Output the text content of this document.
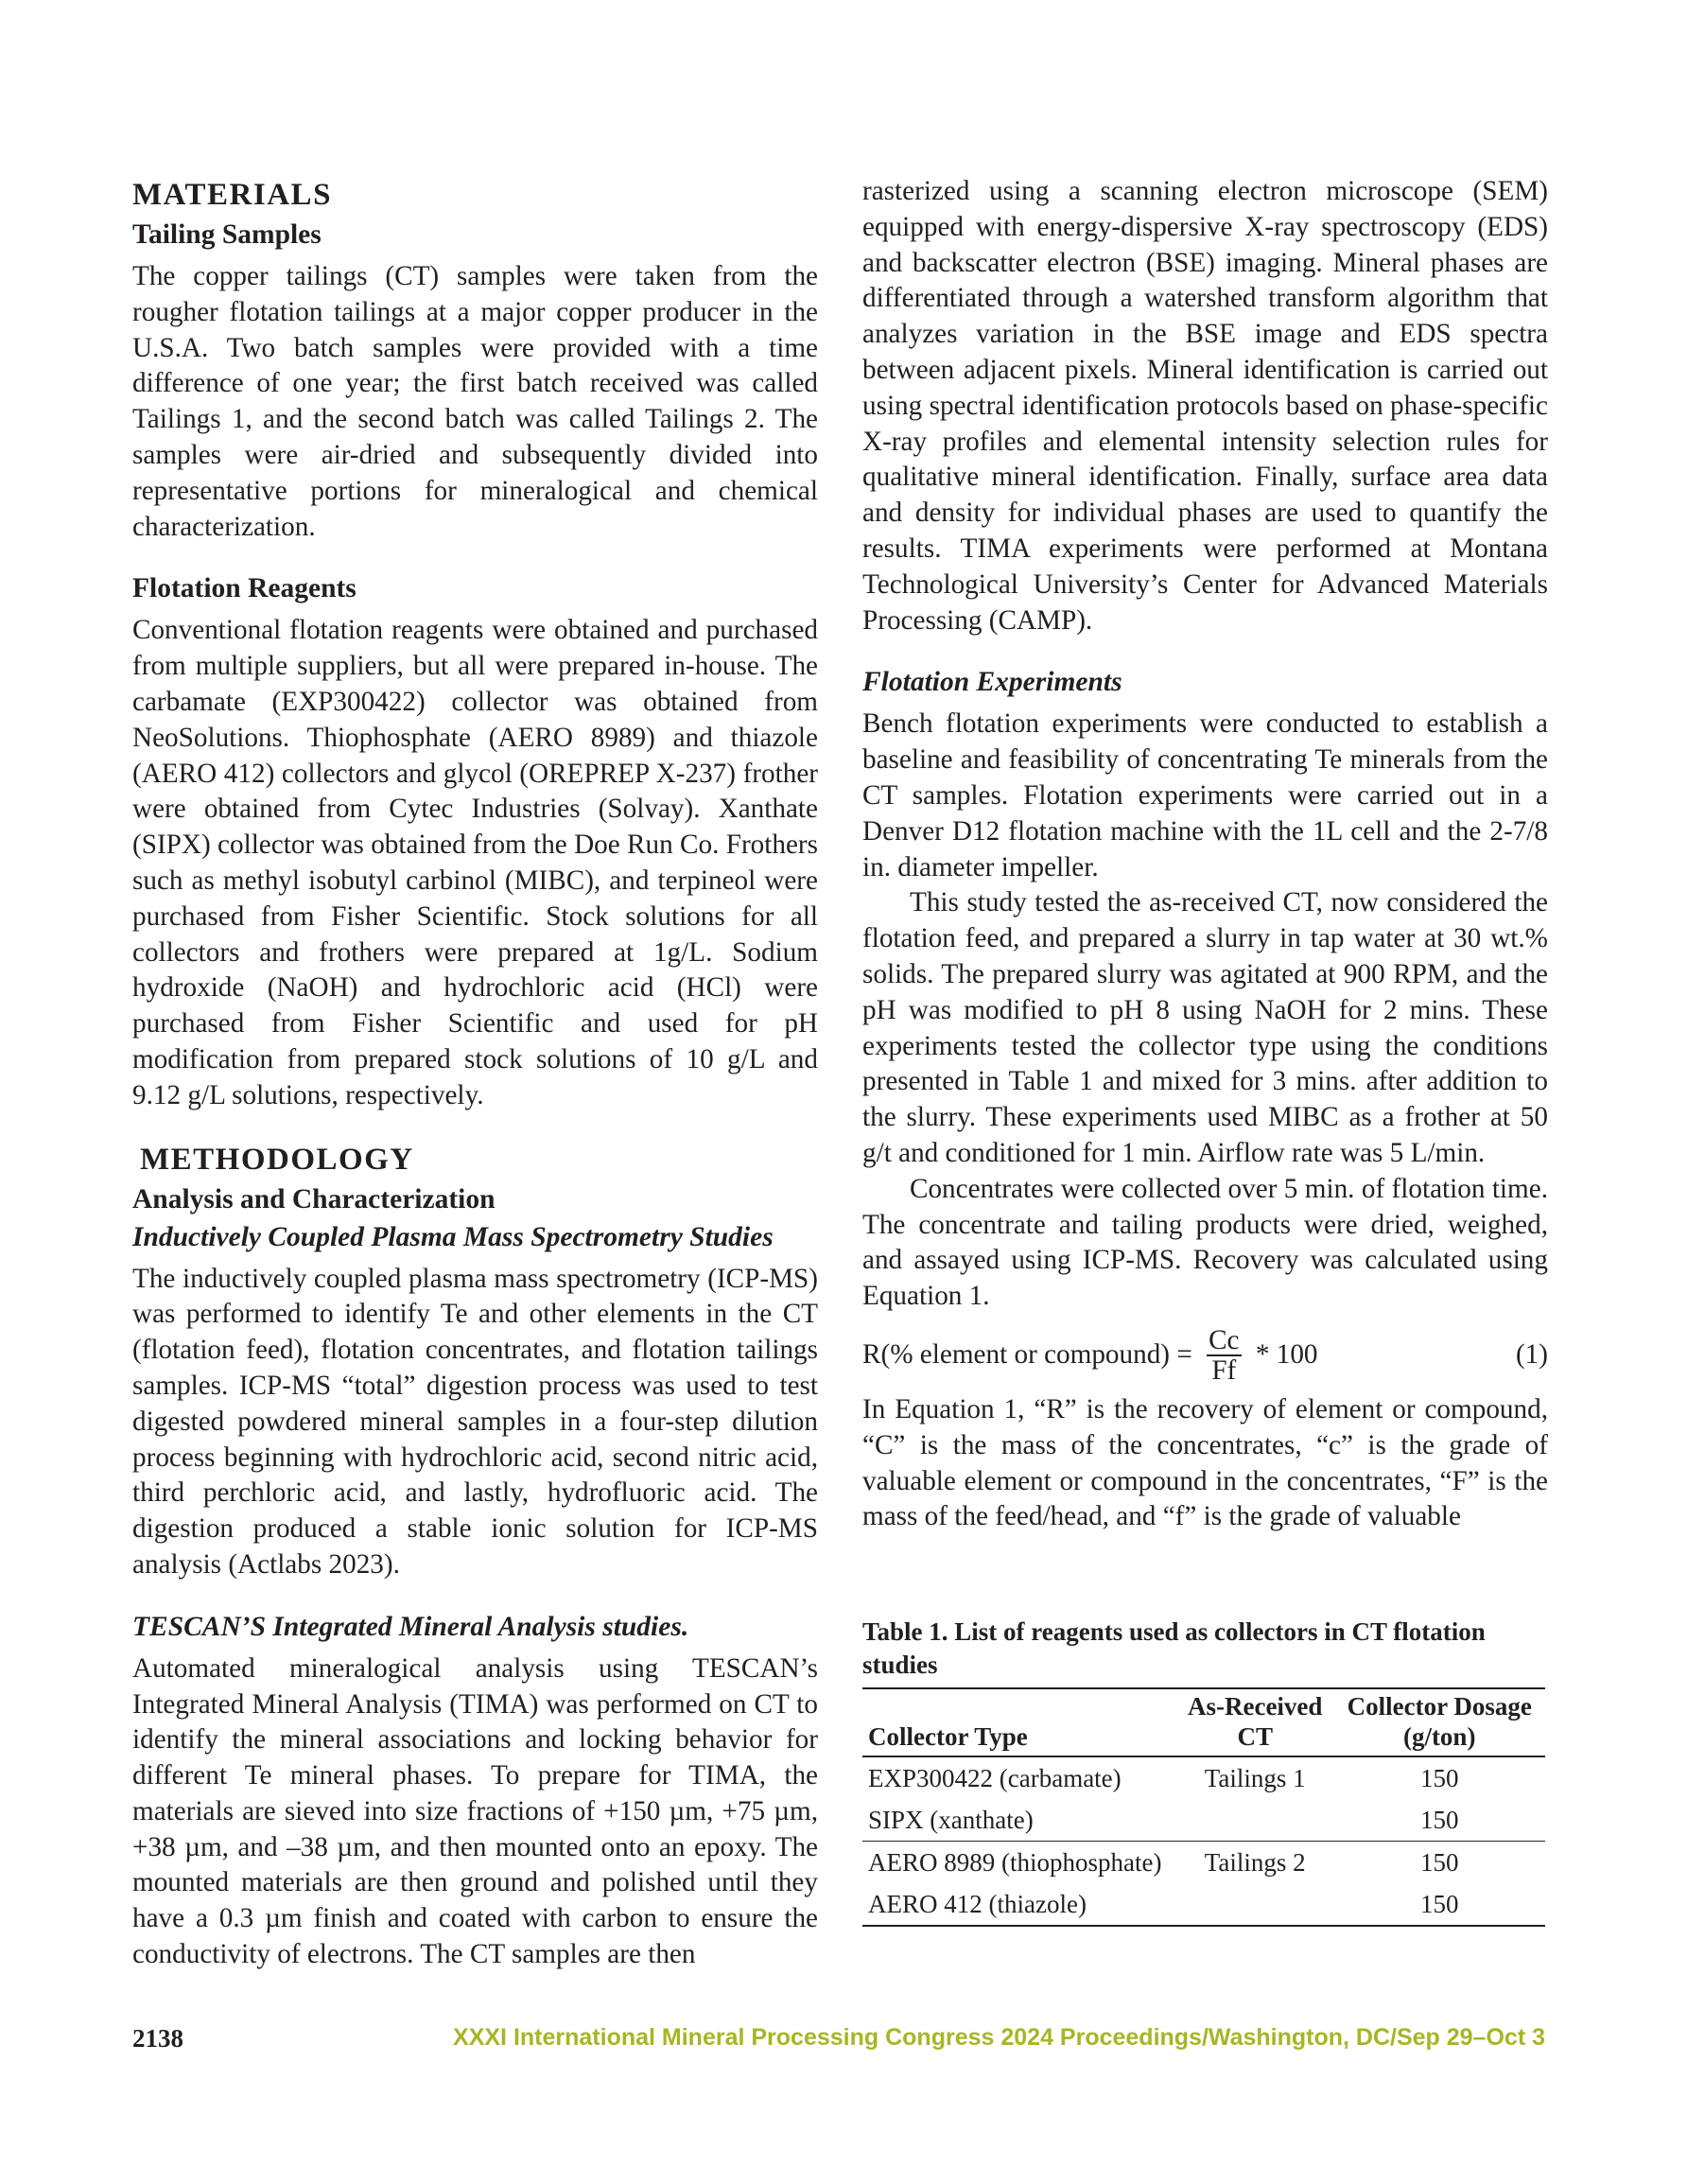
MATERIALS
Tailing Samples

The copper tailings (CT) samples were taken from the rougher flotation tailings at a major copper producer in the U.S.A. Two batch samples were provided with a time difference of one year; the first batch received was called Tailings 1, and the second batch was called Tailings 2. The samples were air-dried and subsequently divided into representative portions for mineralogical and chemical characterization.

Flotation Reagents

Conventional flotation reagents were obtained and purchased from multiple suppliers, but all were prepared in-house. The carbamate (EXP300422) collector was obtained from NeoSolutions. Thiophosphate (AERO 8989) and thiazole (AERO 412) collectors and glycol (OREPREP X-237) frother were obtained from Cytec Industries (Solvay). Xanthate (SIPX) collector was obtained from the Doe Run Co. Frothers such as methyl isobutyl carbinol (MIBC), and terpineol were purchased from Fisher Scientific. Stock solutions for all collectors and frothers were prepared at 1g/L. Sodium hydroxide (NaOH) and hydrochloric acid (HCl) were purchased from Fisher Scientific and used for pH modification from prepared stock solutions of 10 g/L and 9.12 g/L solutions, respectively.

METHODOLOGY
Analysis and Characterization
Inductively Coupled Plasma Mass Spectrometry Studies

The inductively coupled plasma mass spectrometry (ICP-MS) was performed to identify Te and other elements in the CT (flotation feed), flotation concentrates, and flotation tailings samples. ICP-MS “total” digestion process was used to test digested powdered mineral samples in a four-step dilution process beginning with hydrochloric acid, second nitric acid, third perchloric acid, and lastly, hydrofluoric acid. The digestion produced a stable ionic solution for ICP-MS analysis (Actlabs 2023).

TESCAN’S Integrated Mineral Analysis studies.

Automated mineralogical analysis using TESCAN’s Integrated Mineral Analysis (TIMA) was performed on CT to identify the mineral associations and locking behavior for different Te mineral phases. To prepare for TIMA, the materials are sieved into size fractions of +150 µm, +75 µm, +38 µm, and –38 µm, and then mounted onto an epoxy. The mounted materials are then ground and polished until they have a 0.3 µm finish and coated with carbon to ensure the conductivity of electrons. The CT samples are then

rasterized using a scanning electron microscope (SEM) equipped with energy-dispersive X-ray spectroscopy (EDS) and backscatter electron (BSE) imaging. Mineral phases are differentiated through a watershed transform algorithm that analyzes variation in the BSE image and EDS spectra between adjacent pixels. Mineral identification is carried out using spectral identification protocols based on phase-specific X-ray profiles and elemental intensity selection rules for qualitative mineral identification. Finally, surface area data and density for individual phases are used to quantify the results. TIMA experiments were performed at Montana Technological University’s Center for Advanced Materials Processing (CAMP).

Flotation Experiments

Bench flotation experiments were conducted to establish a baseline and feasibility of concentrating Te minerals from the CT samples. Flotation experiments were carried out in a Denver D12 flotation machine with the 1L cell and the 2-7/8 in. diameter impeller.

This study tested the as-received CT, now considered the flotation feed, and prepared a slurry in tap water at 30 wt.% solids. The prepared slurry was agitated at 900 RPM, and the pH was modified to pH 8 using NaOH for 2 mins. These experiments tested the collector type using the conditions presented in Table 1 and mixed for 3 mins. after addition to the slurry. These experiments used MIBC as a frother at 50 g/t and conditioned for 1 min. Airflow rate was 5 L/min.

Concentrates were collected over 5 min. of flotation time. The concentrate and tailing products were dried, weighed, and assayed using ICP-MS. Recovery was calculated using Equation 1.

R(% element or compound) = $\frac{Cc}{Ff} * 100$	(1)

In Equation 1, “R” is the recovery of element or compound, “C” is the mass of the concentrates, “c” is the grade of valuable element or compound in the concentrates, “F” is the mass of the feed/head, and “f” is the grade of valuable

Table 1. List of reagents used as collectors in CT flotation studies

Collector Type	As-Received CT	Collector Dosage (g/ton)
EXP300422 (carbamate)	Tailings 1	150
SIPX (xanthate)		150
AERO 8989 (thiophosphate)	Tailings 2	150
AERO 412 (thiazole)		150
2138	XXXI International Mineral Processing Congress 2024 Proceedings/Washington, DC/Sep 29–Oct 3
